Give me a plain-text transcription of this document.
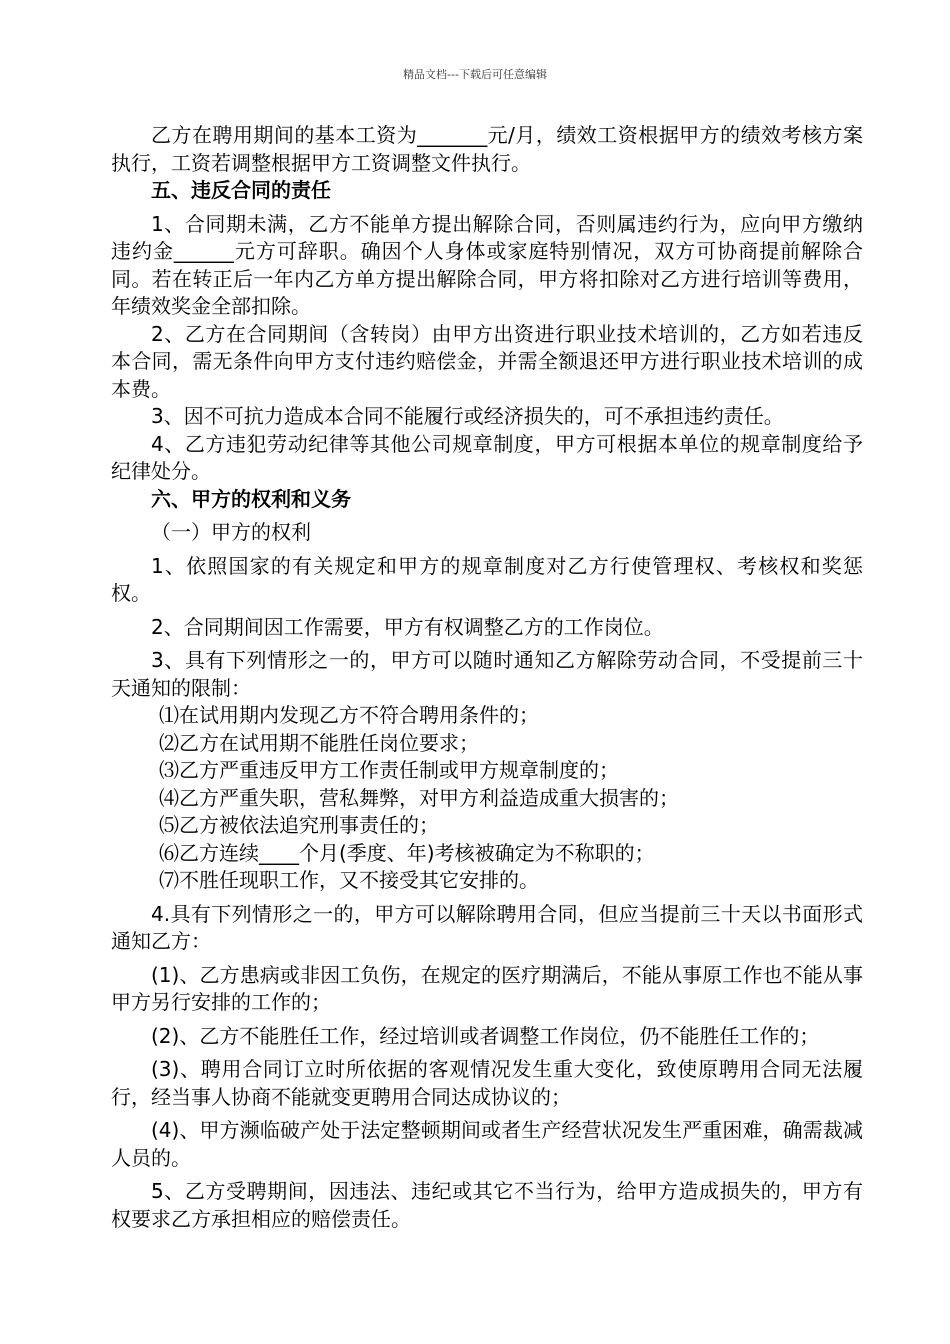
精品文档---下载后可任意编辑

乙方在聘用期间的基本工资为_______元/月，绩效工资根据甲方的绩效考核方案执行，工资若调整根据甲方工资调整文件执行。

五、违反合同的责任

1、合同期未满，乙方不能单方提出解除合同，否则属违约行为，应向甲方缴纳违约金______元方可辞职。确因个人身体或家庭特别情况，双方可协商提前解除合同。若在转正后一年内乙方单方提出解除合同，甲方将扣除对乙方进行培训等费用，年绩效奖金全部扣除。

2、乙方在合同期间（含转岗）由甲方出资进行职业技术培训的，乙方如若违反本合同，需无条件向甲方支付违约赔偿金，并需全额退还甲方进行职业技术培训的成本费。

3、因不可抗力造成本合同不能履行或经济损失的，可不承担违约责任。

4、乙方违犯劳动纪律等其他公司规章制度，甲方可根据本单位的规章制度给予纪律处分。

六、甲方的权利和义务

（一）甲方的权利

1、依照国家的有关规定和甲方的规章制度对乙方行使管理权、考核权和奖惩权。

2、合同期间因工作需要，甲方有权调整乙方的工作岗位。

3、具有下列情形之一的，甲方可以随时通知乙方解除劳动合同，不受提前三十天通知的限制：

⑴在试用期内发现乙方不符合聘用条件的；

⑵乙方在试用期不能胜任岗位要求；

⑶乙方严重违反甲方工作责任制或甲方规章制度的；

⑷乙方严重失职，营私舞弊，对甲方利益造成重大损害的；

⑸乙方被依法追究刑事责任的；

⑹乙方连续____个月(季度、年)考核被确定为不称职的；

⑺不胜任现职工作，又不接受其它安排的。

4.具有下列情形之一的，甲方可以解除聘用合同，但应当提前三十天以书面形式通知乙方：

(1)、乙方患病或非因工负伤，在规定的医疗期满后，不能从事原工作也不能从事甲方另行安排的工作的；

(2)、乙方不能胜任工作，经过培训或者调整工作岗位，仍不能胜任工作的；

(3)、聘用合同订立时所依据的客观情况发生重大变化，致使原聘用合同无法履行，经当事人协商不能就变更聘用合同达成协议的；

(4)、甲方濒临破产处于法定整顿期间或者生产经营状况发生严重困难，确需裁减人员的。

5、乙方受聘期间，因违法、违纪或其它不当行为，给甲方造成损失的，甲方有权要求乙方承担相应的赔偿责任。
